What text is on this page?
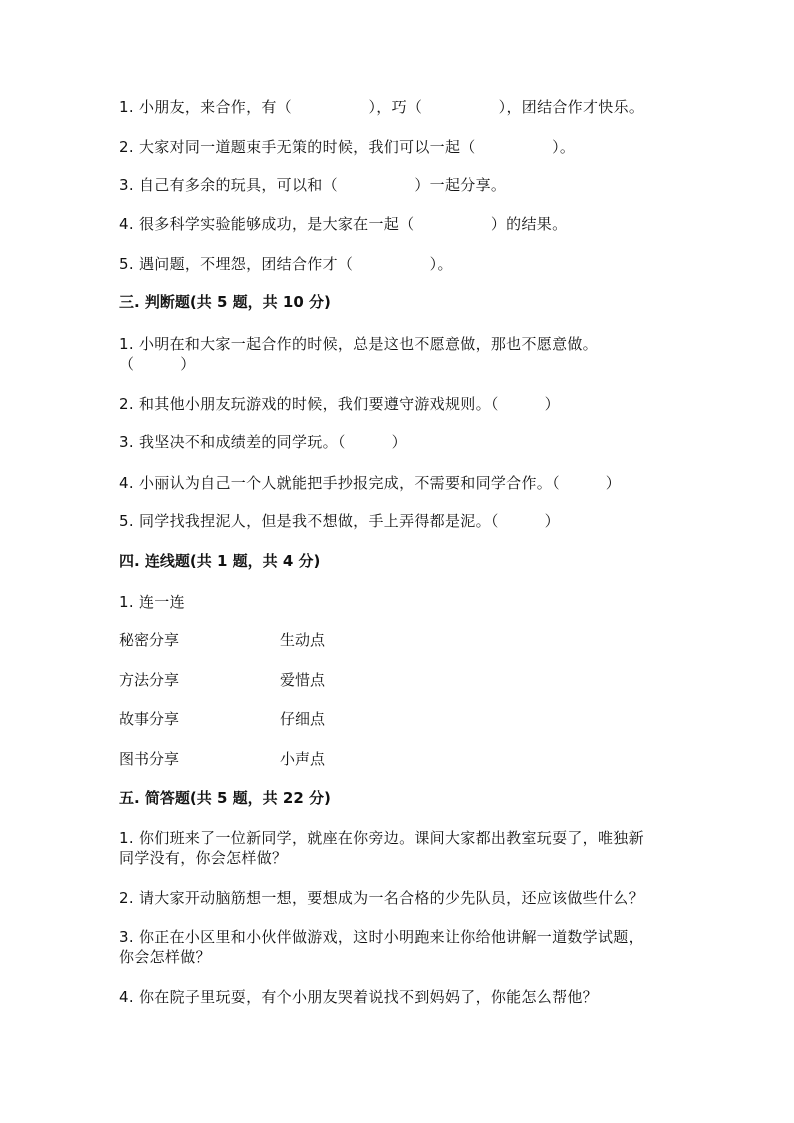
1. 小朋友，来合作，有（　　　　　），巧（　　　　　），团结合作才快乐。
2. 大家对同一道题束手无策的时候，我们可以一起（　　　　　）。
3. 自己有多余的玩具，可以和（　　　　　）一起分享。
4. 很多科学实验能够成功，是大家在一起（　　　　　）的结果。
5. 遇问题，不埋怨，团结合作才（　　　　　）。
三. 判断题(共 5 题，共 10 分)
1. 小明在和大家一起合作的时候，总是这也不愿意做，那也不愿意做。
（　　　）
2. 和其他小朋友玩游戏的时候，我们要遵守游戏规则。（　　　）
3. 我坚决不和成绩差的同学玩。（　　　）
4. 小丽认为自己一个人就能把手抄报完成，不需要和同学合作。（　　　）
5. 同学找我捏泥人，但是我不想做，手上弄得都是泥。（　　　）
四. 连线题(共 1 题，共 4 分)
1. 连一连
秘密分享	生动点
方法分享	爱惜点
故事分享	仔细点
图书分享	小声点
五. 简答题(共 5 题，共 22 分)
1. 你们班来了一位新同学，就座在你旁边。课间大家都出教室玩耍了，唯独新
同学没有，你会怎样做？
2. 请大家开动脑筋想一想，要想成为一名合格的少先队员，还应该做些什么？
3. 你正在小区里和小伙伴做游戏，这时小明跑来让你给他讲解一道数学试题，
你会怎样做？
4. 你在院子里玩耍，有个小朋友哭着说找不到妈妈了，你能怎么帮他？
